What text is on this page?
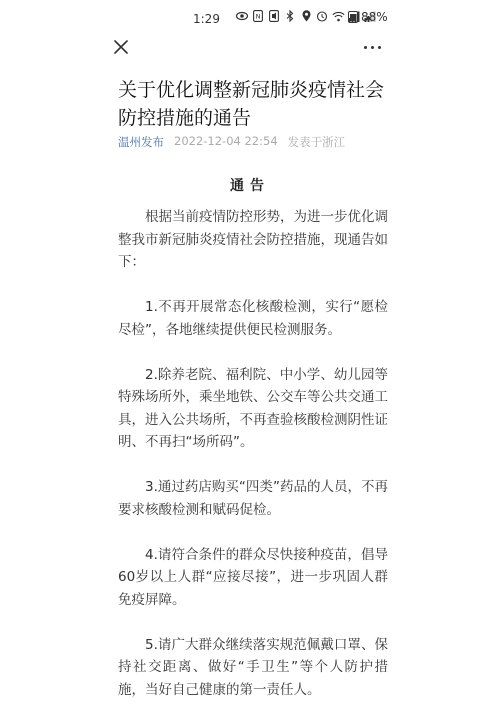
1:29	N	88%
关于优化调整新冠肺炎疫情社会防控措施的通告
温州发布 2022-12-04 22:54 发表于浙江
通告

根据当前疫情防控形势，为进一步优化调整我市新冠肺炎疫情社会防控措施，现通告如下：

1.不再开展常态化核酸检测，实行“愿检尽检”，各地继续提供便民检测服务。

2.除养老院、福利院、中小学、幼儿园等特殊场所外，乘坐地铁、公交车等公共交通工具，进入公共场所，不再查验核酸检测阴性证明、不再扫“场所码”。

3.通过药店购买“四类”药品的人员，不再要求核酸检测和赋码促检。

4.请符合条件的群众尽快接种疫苗，倡导60岁以上人群“应接尽接”，进一步巩固人群免疫屏障。

5.请广大群众继续落实规范佩戴口罩、保持社交距离、做好“手卫生”等个人防护措施，当好自己健康的第一责任人。
